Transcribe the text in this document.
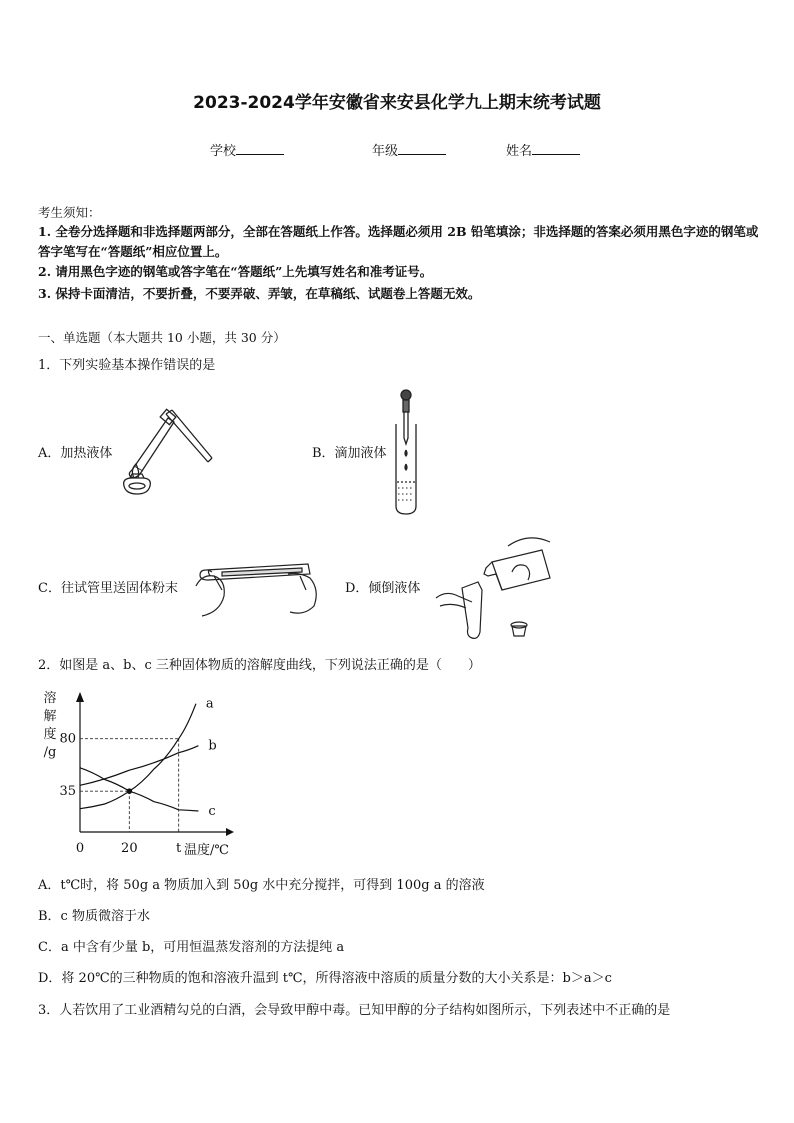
2023-2024学年安徽省来安县化学九上期末统考试题
学校	年级	姓名
考生须知：
1. 全卷分选择题和非选择题两部分，全部在答题纸上作答。选择题必须用 2B 铅笔填涂；非选择题的答案必须用黑色字迹的钢笔或答字笔写在“答题纸”相应位置上。
2. 请用黑色字迹的钢笔或答字笔在“答题纸”上先填写姓名和准考证号。
3. 保持卡面清洁，不要折叠，不要弄破、弄皱，在草稿纸、试题卷上答题无效。
一、单选题（本大题共 10 小题，共 30 分）
1．下列实验基本操作错误的是
A．加热液体	B．滴加液体
C．往试管里送固体粉末	D．倾倒液体
2．如图是 a、b、c 三种固体物质的溶解度曲线，下列说法正确的是（　　）
溶
解
度
/g
0	温度/℃
20	t
35
80
a
b
c
A．t℃时，将 50g a 物质加入到 50g 水中充分搅拌，可得到 100g a 的溶液
B．c 物质微溶于水
C．a 中含有少量 b，可用恒温蒸发溶剂的方法提纯 a
D．将 20℃的三种物质的饱和溶液升温到 t℃，所得溶液中溶质的质量分数的大小关系是：b＞a＞c
3．人若饮用了工业酒精勾兑的白酒，会导致甲醇中毒。已知甲醇的分子结构如图所示，下列表述中不正确的是
